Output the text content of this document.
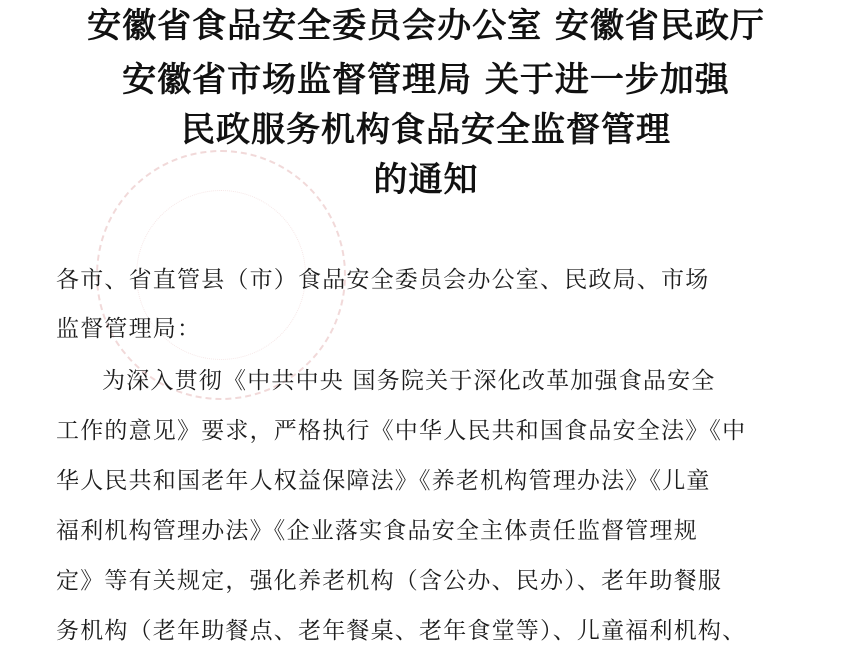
安徽省食品安全委员会办公室 安徽省民政厅
安徽省市场监督管理局 关于进一步加强
民政服务机构食品安全监督管理
的通知
各市、省直管县（市）食品安全委员会办公室、民政局、市场
监督管理局：
为深入贯彻《中共中央 国务院关于深化改革加强食品安全
工作的意见》要求，严格执行《中华人民共和国食品安全法》《中
华人民共和国老年人权益保障法》《养老机构管理办法》《儿童
福利机构管理办法》《企业落实食品安全主体责任监督管理规
定》等有关规定，强化养老机构（含公办、民办）、老年助餐服
务机构（老年助餐点、老年餐桌、老年食堂等）、儿童福利机构、
